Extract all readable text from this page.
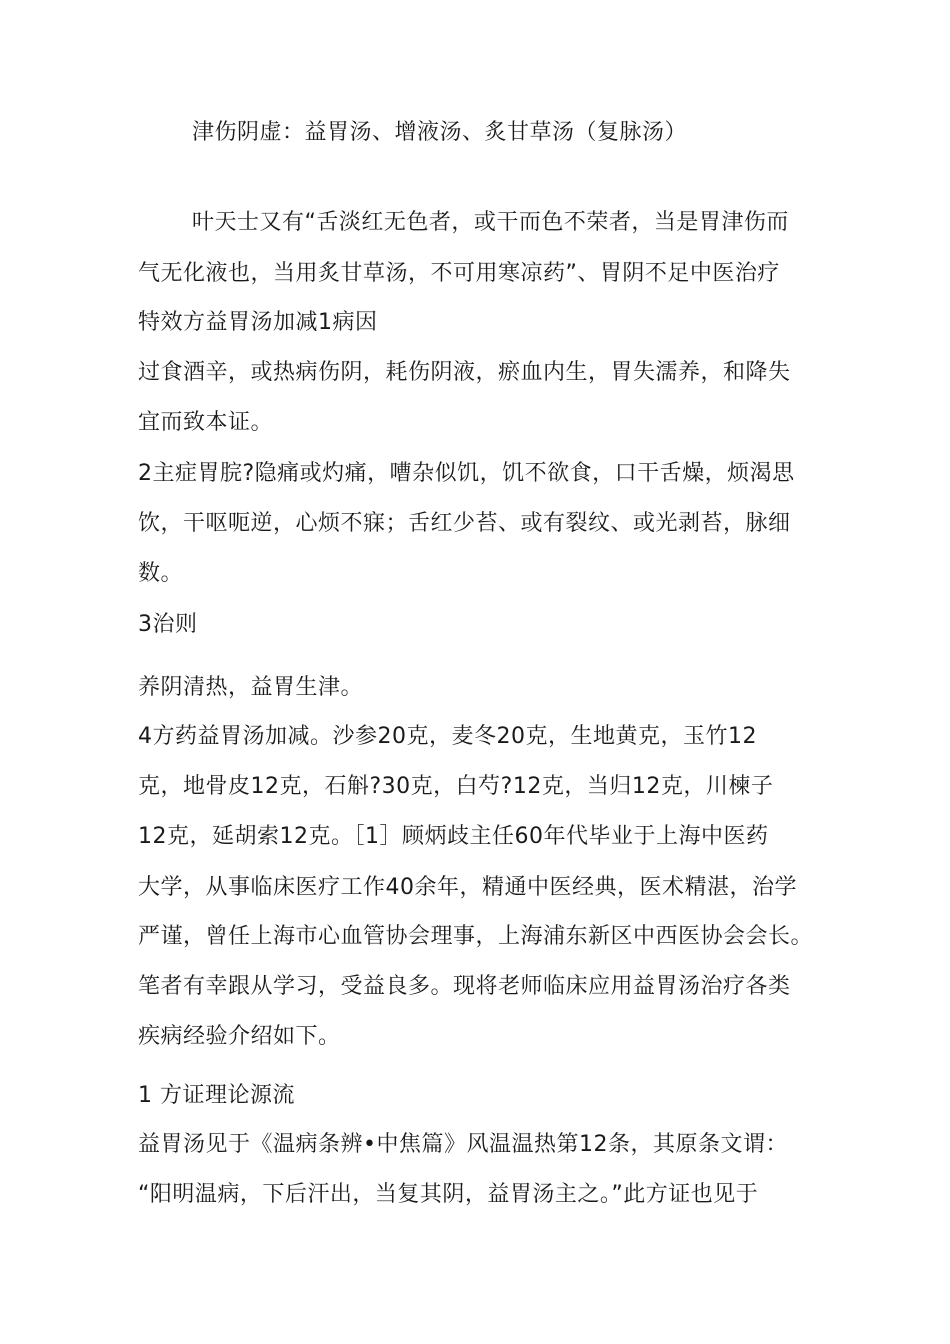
津伤阴虚：益胃汤、增液汤、炙甘草汤（复脉汤）
叶天士又有“舌淡红无色者，或干而色不荣者，当是胃津伤而
气无化液也，当用炙甘草汤，不可用寒凉药”、胃阴不足中医治疗
特效方益胃汤加减1病因
过食酒辛，或热病伤阴，耗伤阴液，瘀血内生，胃失濡养，和降失
宜而致本证。
2主症胃脘?隐痛或灼痛，嘈杂似饥，饥不欲食，口干舌燥，烦渴思
饮，干呕呃逆，心烦不寐；舌红少苔、或有裂纹、或光剥苔，脉细
数。
3治则
养阴清热，益胃生津。
4方药益胃汤加减。沙参20克，麦冬20克，生地黄克，玉竹12
克，地骨皮12克，石斛?30克，白芍?12克，当归12克，川楝子
12克，延胡索12克。［1］顾炳歧主任60年代毕业于上海中医药
大学，从事临床医疗工作40余年，精通中医经典，医术精湛，治学
严谨，曾任上海市心血管协会理事，上海浦东新区中西医协会会长。
笔者有幸跟从学习，受益良多。现将老师临床应用益胃汤治疗各类
疾病经验介绍如下。
1 方证理论源流
益胃汤见于《温病条辨•中焦篇》风温温热第12条，其原条文谓：
“阳明温病，下后汗出，当复其阴，益胃汤主之。”此方证也见于
